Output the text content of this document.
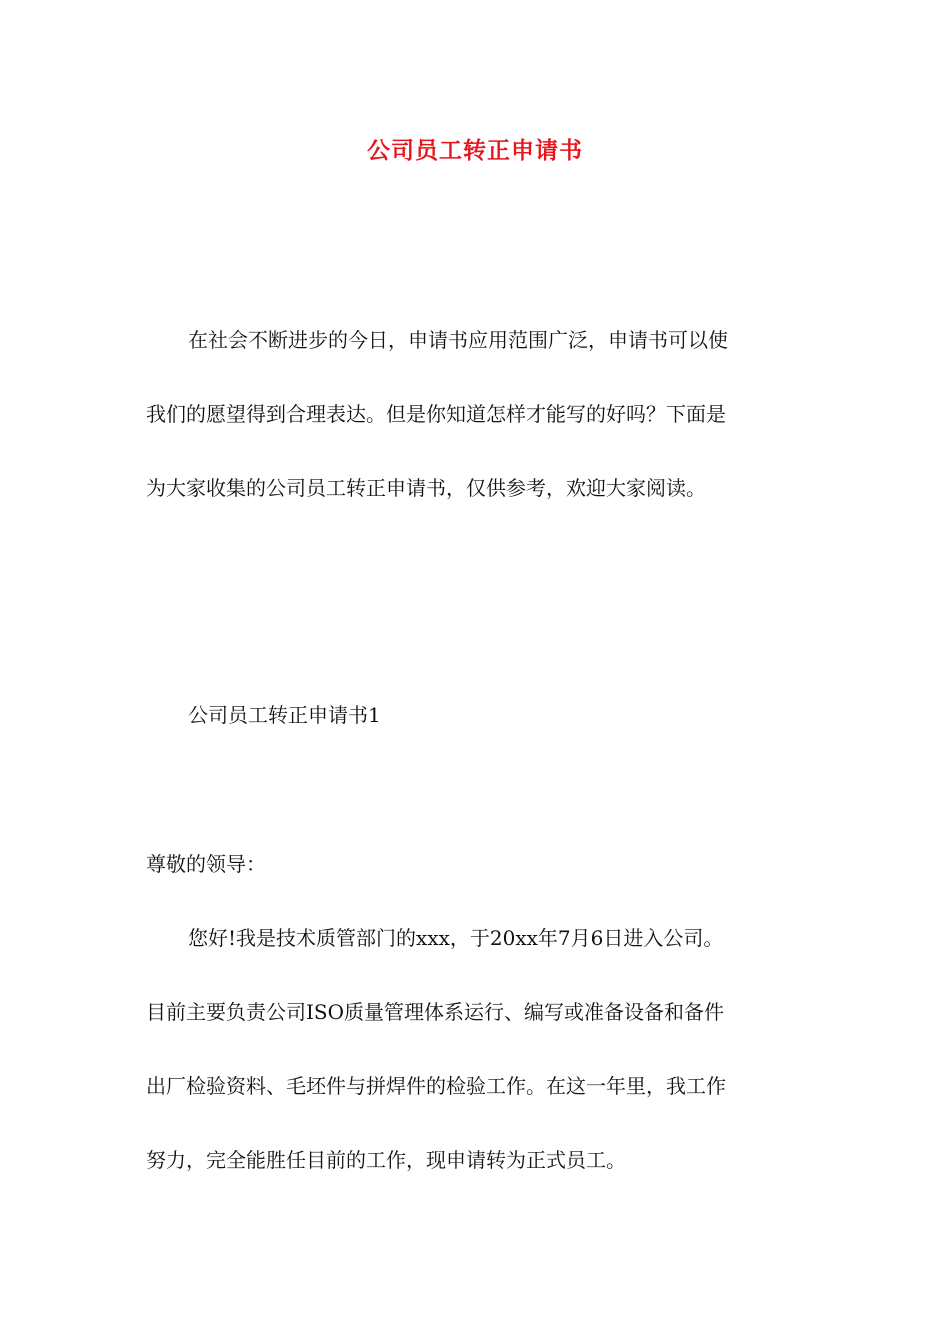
公司员工转正申请书

在社会不断进步的今日，申请书应用范围广泛，申请书可以使

我们的愿望得到合理表达。但是你知道怎样才能写的好吗？下面是

为大家收集的公司员工转正申请书，仅供参考，欢迎大家阅读。

公司员工转正申请书1

尊敬的领导：

您好!我是技术质管部门的xxx，于20xx年7月6日进入公司。

目前主要负责公司ISO质量管理体系运行、编写或准备设备和备件

出厂检验资料、毛坯件与拼焊件的检验工作。在这一年里，我工作

努力，完全能胜任目前的工作，现申请转为正式员工。
